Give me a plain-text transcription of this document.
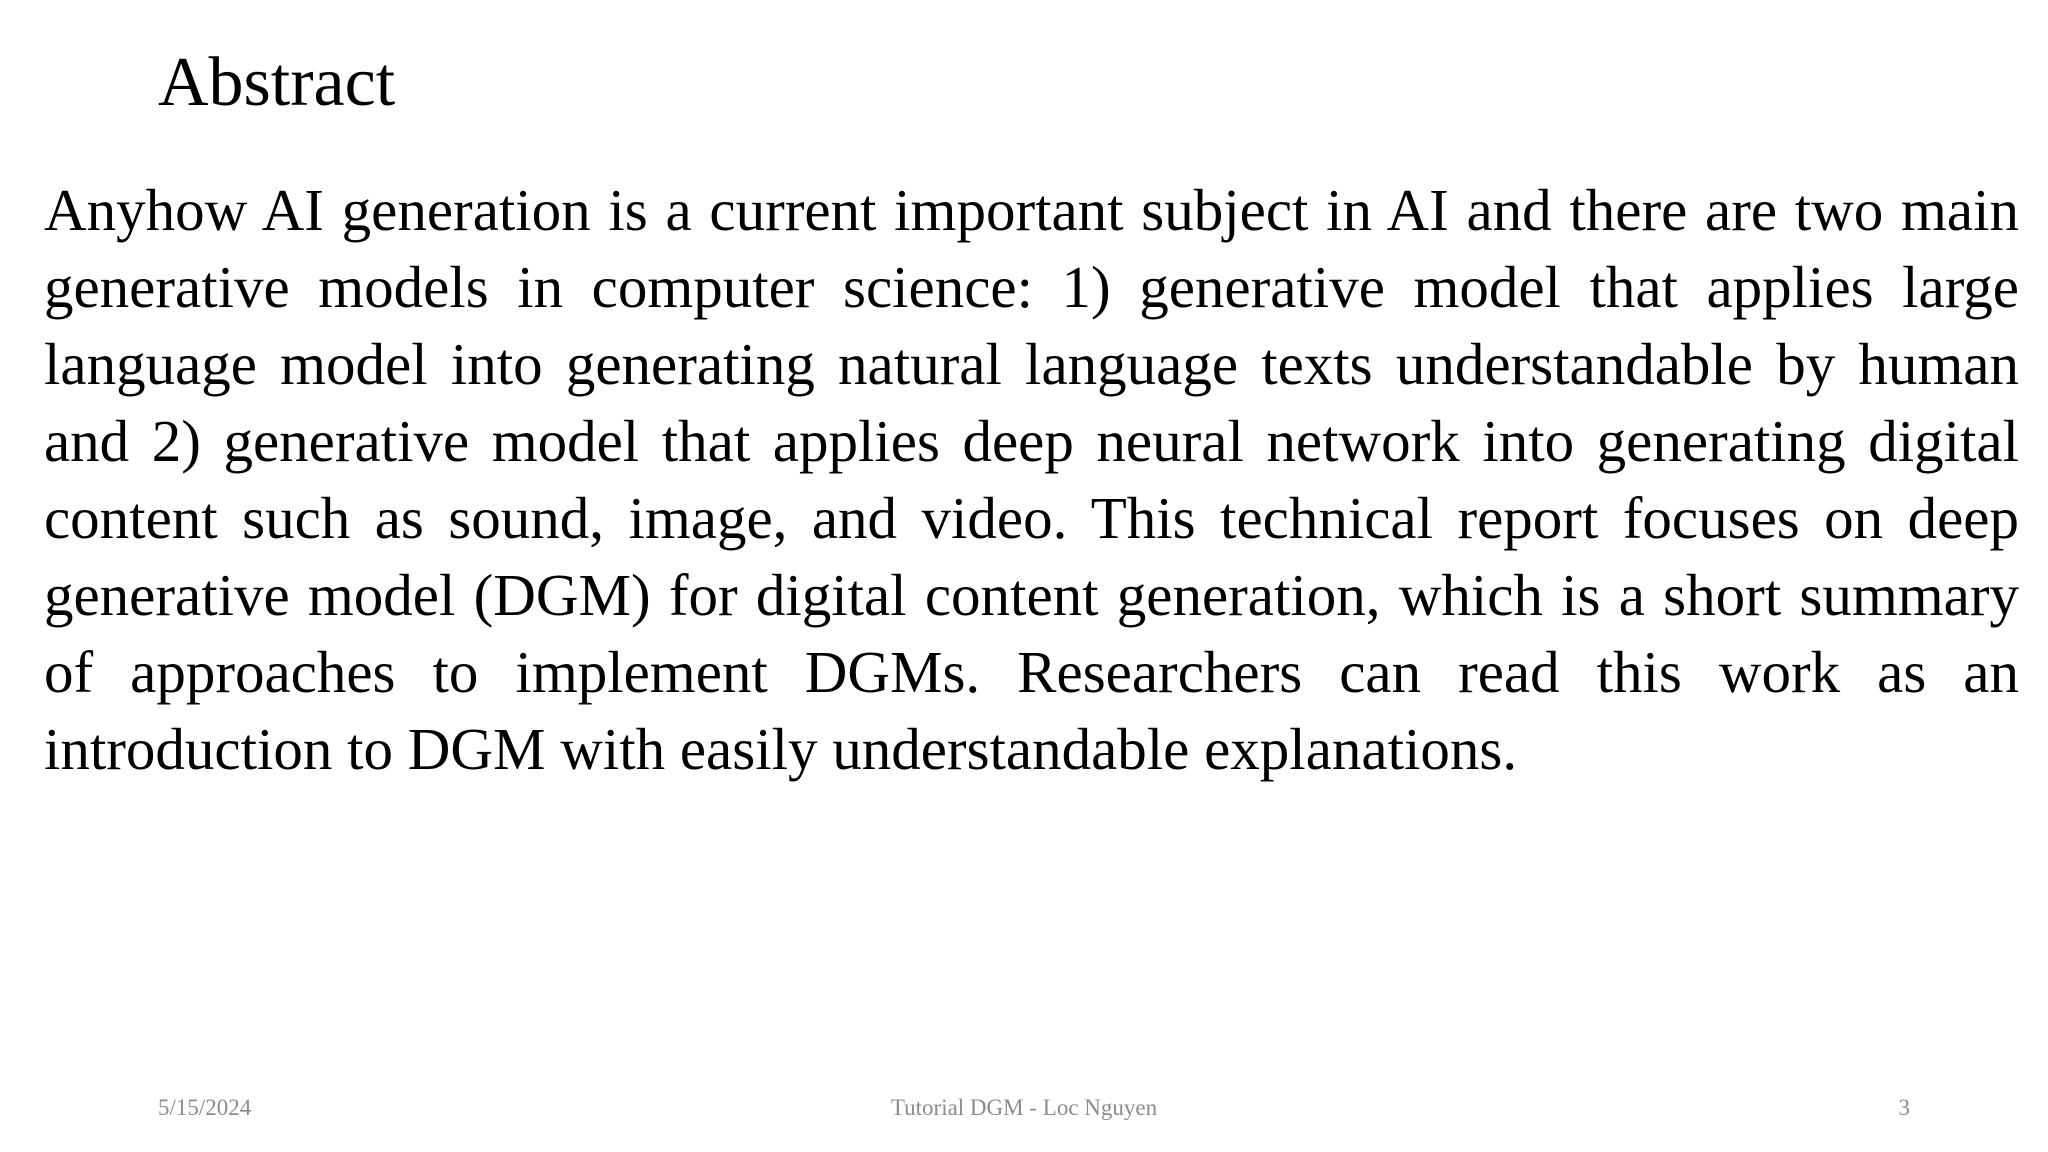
Abstract

Anyhow AI generation is a current important subject in AI and there are two main generative models in computer science: 1) generative model that applies large language model into generating natural language texts understandable by human and 2) generative model that applies deep neural network into generating digital content such as sound, image, and video. This technical report focuses on deep generative model (DGM) for digital content generation, which is a short summary of approaches to implement DGMs. Researchers can read this work as an introduction to DGM with easily understandable explanations.

Tutorial DGM - Loc Nguyen
5/15/2024	3
